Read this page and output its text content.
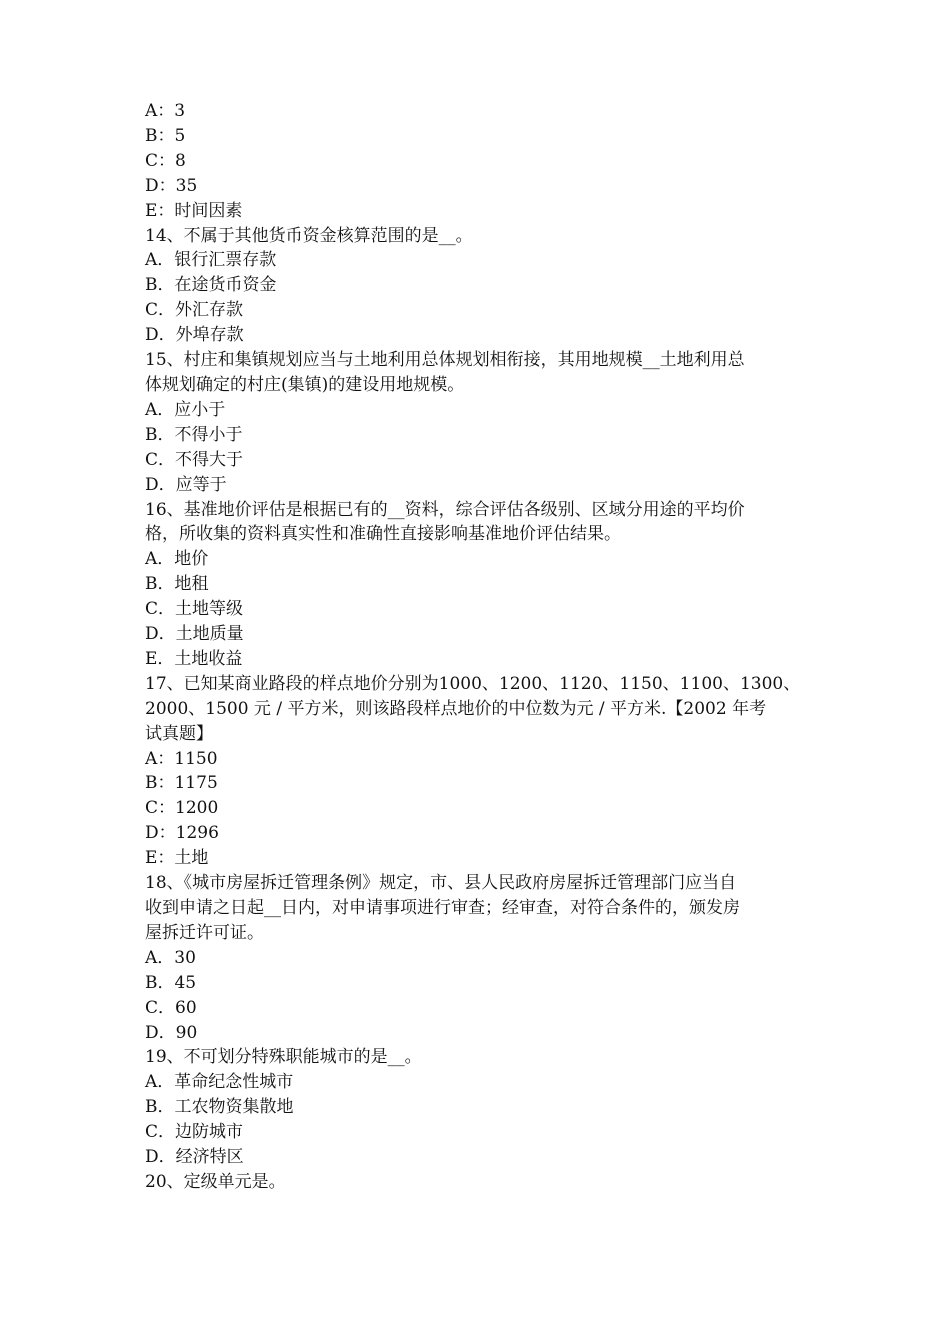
A：3

B：5

C：8

D：35

E：时间因素

14、不属于其他货币资金核算范围的是__。

A．银行汇票存款

B．在途货币资金

C．外汇存款

D．外埠存款

15、村庄和集镇规划应当与土地利用总体规划相衔接，其用地规模__土地利用总

体规划确定的村庄(集镇)的建设用地规模。

A．应小于

B．不得小于

C．不得大于

D．应等于

16、基准地价评估是根据已有的__资料，综合评估各级别、区域分用途的平均价

格，所收集的资料真实性和准确性直接影响基准地价评估结果。

A．地价

B．地租

C．土地等级

D．土地质量

E．土地收益

17、已知某商业路段的样点地价分别为1000、1200、1120、1150、1100、1300、

2000、1500 元 / 平方米，则该路段样点地价的中位数为元 / 平方米.【2002 年考

试真题】

A：1150

B：1175

C：1200

D：1296

E：土地

18、《城市房屋拆迁管理条例》规定，市、县人民政府房屋拆迁管理部门应当自

收到申请之日起__日内，对申请事项进行审查；经审查，对符合条件的，颁发房

屋拆迁许可证。

A．30

B．45

C．60

D．90

19、不可划分特殊职能城市的是__。

A．革命纪念性城市

B．工农物资集散地

C．边防城市

D．经济特区

20、定级单元是。
